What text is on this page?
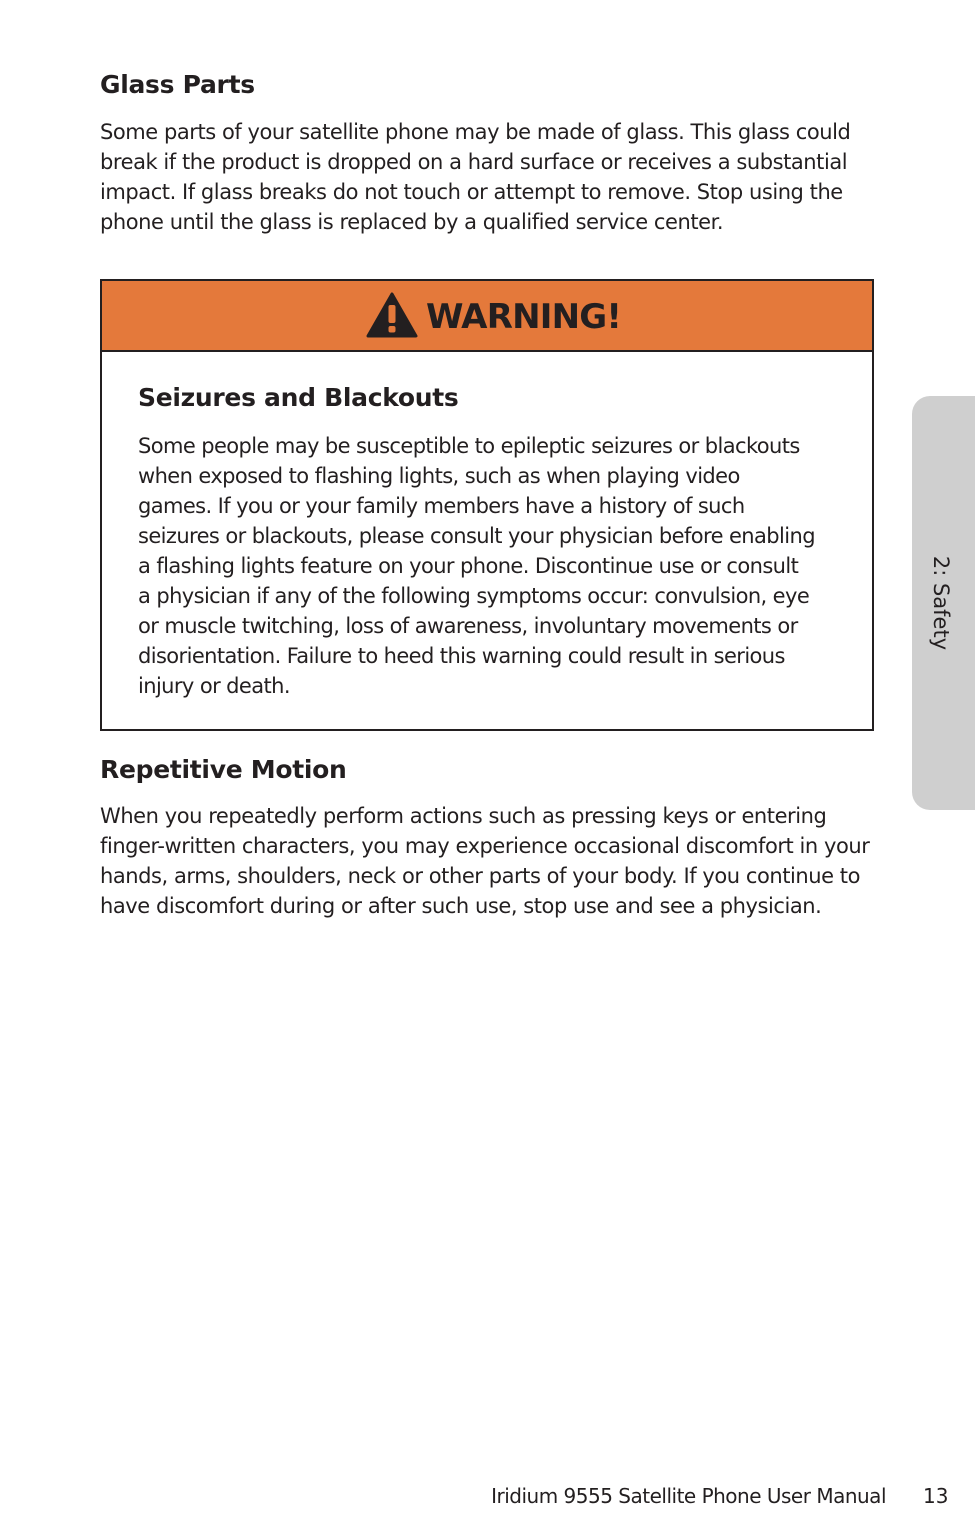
Glass Parts

Some parts of your satellite phone may be made of glass. This glass could
break if the product is dropped on a hard surface or receives a substantial
impact. If glass breaks do not touch or attempt to remove. Stop using the
phone until the glass is replaced by a qualified service center.

WARNING!
Seizures and Blackouts

Some people may be susceptible to epileptic seizures or blackouts
when exposed to flashing lights, such as when playing video
games. If you or your family members have a history of such
seizures or blackouts, please consult your physician before enabling
a flashing lights feature on your phone. Discontinue use or consult
a physician if any of the following symptoms occur: convulsion, eye
or muscle twitching, loss of awareness, involuntary movements or
disorientation. Failure to heed this warning could result in serious
injury or death.

Repetitive Motion

When you repeatedly perform actions such as pressing keys or entering
finger-written characters, you may experience occasional discomfort in your
hands, arms, shoulders, neck or other parts of your body. If you continue to
have discomfort during or after such use, stop use and see a physician.

2: Safety
Iridium 9555 Satellite Phone User Manual 13
